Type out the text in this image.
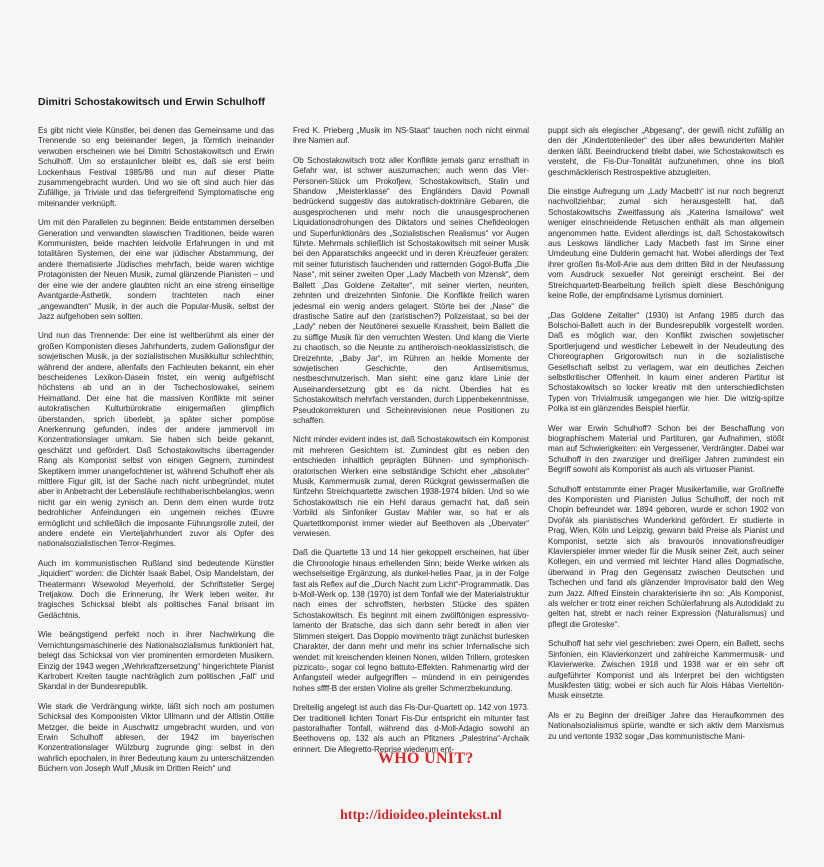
Dimitri Schostakowitsch und Erwin Schulhoff

Es gibt nicht viele Künstler, bei denen das Gemeinsame und das Trennende so eng beieinander liegen, ja förmlich ineinander verwoben erscheinen wie bei Dimitri Schostakowitsch und Erwin Schulhoff. Um so erstaunlicher bleibt es, daß sie erst beim Lockenhaus Festival 1985/86 und nun auf dieser Platte zusammengebracht wurden. Und wo sie oft sind auch hier das Zufällige, ja Triviale und das tiefergreifend Symptomatische eng miteinander verknüpft.

Um mit den Parallelen zu beginnen: Beide entstammen derselben Generation und verwandten slawischen Traditionen, beide waren Kommunisten, beide machten leidvolle Erfahrungen in und mit totalitären Systemen, der eine war jüdischer Abstammung, der andere thematisierte Jüdisches mehrfach, beide waren wichtige Protagonisten der Neuen Musik, zumal glänzende Pianisten – und der eine wie der andere glaubten nicht an eine streng einseitige Avantgarde-Ästhetik, sondern trachteten nach einer „angewandten“ Musik, in der auch die Popular-Musik, selbst der Jazz aufgehoben sein sollten.

Und nun das Trennende: Der eine ist weltberühmt als einer der großen Komponisten dieses Jahrhunderts, zudem Galionsfigur der sowjetischen Musik, ja der sozialistischen Musikkultur schlechthin; während der andere, allenfalls den Fachleuten bekannt, ein eher bescheidenes Lexikon-Dasein fristet, ein wenig aufgefrischt höchstens ab und an in der Tschechoslowakei, seinem Heimatland. Der eine hat die massiven Konflikte mit seiner autokratischen Kulturbürokratie einigermaßen glimpflich überstanden, sprich überlebt, ja später sicher pompöse Anerkennung gefunden, indes der andere jammervoll im Konzentrationslager umkam. Sie haben sich beide gekannt, geschätzt und gefördert. Daß Schostakowitschs überragender Rang als Komponist selbst von einigen Gegnern, zumindest Skeptikern immer unangefochtener ist, während Schulhoff eher als mittlere Figur gilt, ist der Sache nach nicht unbegründet, mutet aber in Anbetracht der Lebensläufe rechthaberischbelanglos, wenn nicht gar ein wenig zynisch an. Denn dem einen wurde trotz bedrohlicher Anfeindungen ein ungemein reiches Œuvre ermöglicht und schließlich die imposante Führungsrolle zuteil, der andere endete ein Vierteljahrhundert zuvor als Opfer des nationalsozialistischen Terror-Regimes.

Auch im kommunistischen Rußland sind bedeutende Künstler „liquidiert“ worden: die Dichter Isaak Babel, Osip Mandelstam, der Theatermann Wsewolod Meyerhold, der Schriftsteller Sergej Tretjakow. Doch die Erinnerung, ihr Werk leben weiter, ihr tragisches Schicksal bleibt als politisches Fanal brisant im Gedächtnis.

Wie beängstigend perfekt noch in ihrer Nachwirkung die Vernichtungsmaschinerie des Nationalsozialismus funktioniert hat, belegt das Schicksal von vier prominenten ermordeten Musikern. Einzig der 1943 wegen „Wehrkraftzersetzung“ hingerichtete Pianist Karlrobert Kreiten taugte nachträglich zum politischen „Fall“ und Skandal in der Bundesrepublik.

Wie stark die Verdrängung wirkte, läßt sich noch am postumen Schicksal des Komponisten Viktor Ullmann und der Altistin Ottilie Metzger, die beide in Auschwitz umgebracht wurden, und von Erwin Schulhoff ablesen, der 1942 im bayerischen Konzentrationslager Wülzburg zugrunde ging: selbst in den wahrlich epochalen, in ihrer Bedeutung kaum zu unterschätzenden Büchern von Joseph Wulf „Musik im Dritten Reich“ und

Fred K. Prieberg „Musik im NS-Staat“ tauchen noch nicht einmal ihre Namen auf.

Ob Schostakowitsch trotz aller Konflikte jemals ganz ernsthaft in Gefahr war, ist schwer auszumachen; auch wenn das Vier-Personen-Stück um Prokofjew, Schostakowitsch, Stalin und Shandow „Meisterklasse“ des Engländers David Pownall bedrückend suggestiv das autokratisch-doktrinäre Gebaren, die ausgesprochenen und mehr noch die unausgesprochenen Liquidationsdrohungen des Diktators und seines Chefideologen und Superfunktionärs des „Sozialistischen Realismus“ vor Augen führte. Mehrmals schließlich ist Schostakowitsch mit seiner Musik bei den Apparatschiks angeeckt und in deren Kreuzfeuer geraten: mit seiner futuristisch fauchenden und ratternden Gogol-Buffa „Die Nase“, mit seiner zweiten Oper „Lady Macbeth von Mzensk“, dem Ballett „Das Goldene Zeitalter“, mit seiner vierten, neunten, zehnten und dreizehnten Sinfonie. Die Konflikte freilich waren jedesmal ein wenig anders gelagert. Störte bei der „Nase“ die drastische Satire auf den (zaristischen?) Polizeistaat, so bei der „Lady“ neben der Neutönerei sexuelle Krassheit, beim Ballett die zu süffige Musik für den verruchten Westen. Und klang die Vierte zu chaotisch, so die Neunte zu antiheroisch-neoklassizistisch, die Dreizehnte, „Baby Jar“, im Rühren an heikle Momente der sowjetischen Geschichte, den Antisemitismus, nestbeschmutzerisch. Man sieht: eine ganz klare Linie der Auseinandersetzung gibt es da nicht. Überdies hat es Schostakowitsch mehrfach verstanden, durch Lippenbekenntnisse, Pseudokorrekturen und Scheinrevisionen neue Positionen zu schaffen.

Nicht minder evident indes ist, daß Schostakowitsch ein Komponist mit mehreren Gesichtern ist. Zumindest gibt es neben den entschieden inhaltlich geprägten Bühnen- und symphonisch- oratorischen Werken eine selbständige Schicht eher „absoluter“ Musik, Kammermusik zumal, deren Rückgrat gewissermaßen die fünfzehn Streichquartette zwischen 1938-1974 bilden. Und so wie Schostakowitsch nie ein Hehl daraus gemacht hat, daß sein Vorbild als Sinfoniker Gustav Mahler war, so hat er als Quartettkomponist immer wieder auf Beethoven als „Übervater“ verwiesen.

Daß die Quartette 13 und 14 hier gekoppelt erscheinen, hat über die Chronologie hinaus erhellenden Sinn; beide Werke wirken als wechselseitige Ergänzung, als dunkel-helles Paar, ja in der Folge fast als Reflex auf die „Durch Nacht zum Licht“-Programmatik. Das b-Moll-Werk op. 138 (1970) ist dem Tonfall wie der Materialstruktur nach eines der schroffsten, herbsten Stücke des späten Schostakowitsch. Es beginnt mit einem zwölftönigen espressivo-lamento der Bratsche, das sich dann sehr beredt in allen vier Stimmen steigert. Das Doppio movimento trägt zunächst burlesken Charakter, der dann mehr und mehr ins schier Infernalische sich wendet: mit kreischenden kleinen Nonen, wilden Trillern, grotesken pizzicato-, sogar col legno battuto-Effekten. Rahmenartig wird der Anfangsteil wieder aufgegriffen – mündend in ein peinigendes hohes sffff-B der ersten Violine als greller Schmerzbekundung.

Dreiteilig angelegt ist auch das Fis-Dur-Quartett op. 142 von 1973. Der traditionell lichten Tonart Fis-Dur entspricht ein mitunter fast pastoralhafter Tonfall, während das d-Moll-Adagio sowohl an Beethovens op. 132 als auch an Pfitzners „Palestrina“-Archaik erinnert. Die Allegretto-Reprise wiederum ent-

puppt sich als elegischer „Abgesang“, der gewiß nicht zufällig an den der „Kindertotenlieder“ des über alles bewunderten Mahler denken läßt. Beeindruckend bleibt dabei, wie Schostakowitsch es versteht, die Fis-Dur-Tonalität aufzunehmen, ohne ins bloß geschmäcklerisch Restrospektive abzugleiten.

Die einstige Aufregung um „Lady Macbeth“ ist nur noch begrenzt nachvollziehbar; zumal sich herausgestellt hat, daß Schostakowitschs Zweitfassung als „Katerina Ismailowa“ weit weniger einschneidende Retuschen enthält als man allgemein angenommen hatte. Evident allerdings ist, daß Schostakowitsch aus Leskows ländlicher Lady Macbeth fast im Sinne einer Umdeutung eine Dulderin gemacht hat. Wobei allerdings der Text ihrer großen fis-Moll-Arie aus dem dritten Bild in der Neufassung vom Ausdruck sexueller Not gereinigt erscheint. Bei der Streichquartett-Bearbeitung freilich spielt diese Beschönigung keine Rolle, der empfindsame Lyrismus dominiert.

„Das Goldene Zeitalter“ (1930) ist Anfang 1985 durch das Bolschoi-Ballett auch in der Bundesrepublik vorgestellt worden. Daß es möglich war, den Konflikt zwischen sowjetischer Sportlerjugend und westlicher Lebewelt in der Neudeutung des Choreographen Grigorowitsch nun in die sozialistische Gesellschaft selbst zu verlagern, war ein deutliches Zeichen selbstkritischer Offenheit. In kaum einer anderen Partitur ist Schostakowitsch so locker kreativ mit den unterschiedlichsten Typen von Trivialmusik umgegangen wie hier. Die witzig-spitze Polka ist ein glänzendes Beispiel hierfür.

Wer war Erwin Schulhoff? Schon bei der Beschaffung von biographischem Material und Partituren, gar Aufnahmen, stößt man auf Schwierigkeiten: ein Vergessener, Verdrängter. Dabei war Schulhoff in den zwanziger und dreißiger Jahren zumindest ein Begriff sowohl als Komponist als auch als virtuoser Pianist.

Schulhoff entstammte einer Prager Musikerfamilie, war Großneffe des Komponisten und Pianisten Julius Schulhoff, der noch mit Chopin befreundet war. 1894 geboren, wurde er schon 1902 von Dvořák als pianistisches Wunderkind gefördert. Er studierte in Prag, Wien, Köln und Leipzig, gewann bald Preise als Pianist und Komponist, setzte sich als bravourös innovationsfreudiger Klavierspieler immer wieder für die Musik seiner Zeit, auch seiner Kollegen, ein und vermied mit leichter Hand alles Dogmatische, überwand in Prag den Gegensatz zwischen Deutschen und Tschechen und fand als glänzender Improvisator bald den Weg zum Jazz. Alfred Einstein charakterisierte ihn so: „Als Komponist, als welcher er trotz einer reichen Schülerfahrung als Autodidakt zu gelten hat, strebt er nach reiner Expression (Naturalismus) und pflegt die Groteske“.

Schulhoff hat sehr viel geschrieben: zwei Opern, ein Ballett, sechs Sinfonien, ein Klavierkonzert und zahlreiche Kammermusik- und Klavierwerke. Zwischen 1918 und 1938 war er ein sehr oft aufgeführter Komponist und als Interpret bei den wichtigsten Musikfesten tätig; wobei er sich auch für Alois Hábas Vierteltön- Musik einsetzte.

Als er zu Beginn der dreißiger Jahre das Heraufkommen des Nationalsozialismus spürte, wandte er sich aktiv dem Marxismus zu und vertonte 1932 sogar „Das kommunistische Mani-

WHO UNIT?
http://idioideo.pleintekst.nl
